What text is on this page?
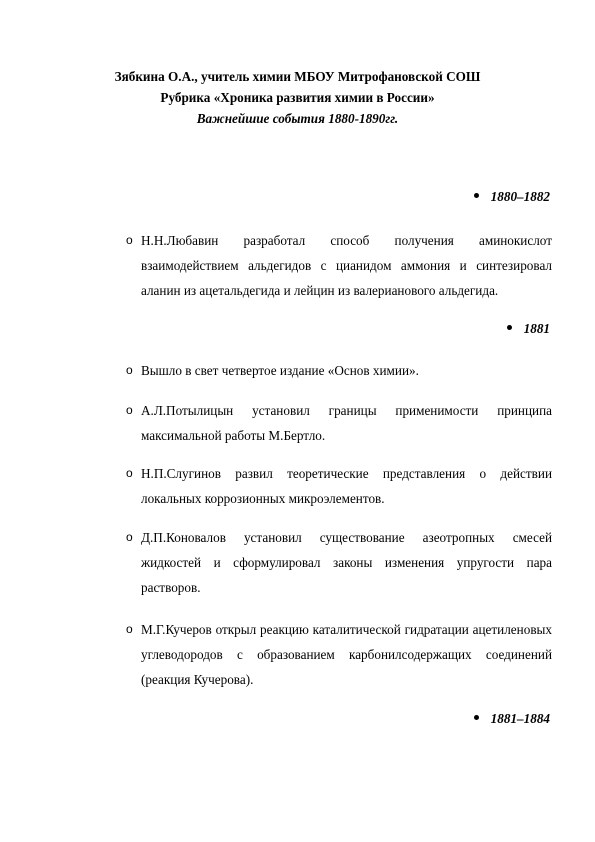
Зябкина О.А., учитель химии МБОУ Митрофановской СОШ
Рубрика «Хроника развития химии в России»
Важнейшие события 1880-1890гг.
1880–1882
o Н.Н.Любавин разработал способ получения аминокислот взаимодействием альдегидов с цианидом аммония и синтезировал аланин из ацетальдегида и лейцин из валерианового альдегида.
1881
o Вышло в свет четвертое издание «Основ химии».
o А.Л.Потылицын установил границы применимости принципа максимальной работы М.Бертло.
o Н.П.Слугинов развил теоретические представления о действии локальных коррозионных микроэлементов.
o Д.П.Коновалов установил существование азеотропных смесей жидкостей и сформулировал законы изменения упругости пара растворов.
o М.Г.Кучеров открыл реакцию каталитической гидратации ацетиленовых углеводородов с образованием карбонилсодержащих соединений (реакция Кучерова).
1881–1884
